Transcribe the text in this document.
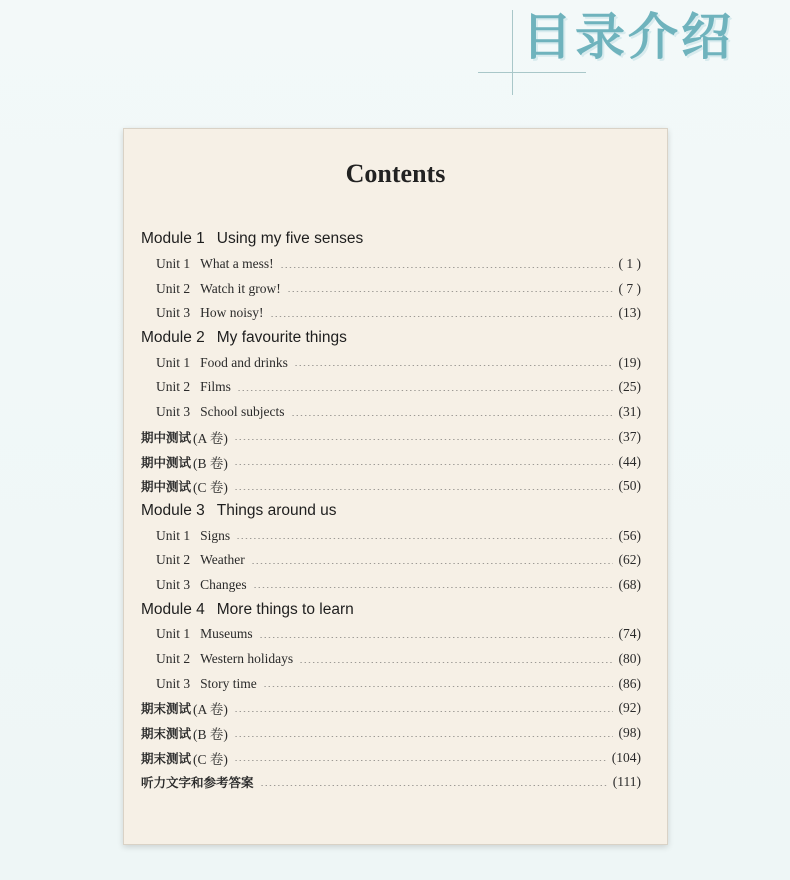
目录介绍
Contents
Module 1 Using my five senses
Unit 1 What a mess!	( 1 )
Unit 2 Watch it grow!	( 7 )
Unit 3 How noisy!	(13)
Module 2 My favourite things
Unit 1 Food and drinks	(19)
Unit 2 Films	(25)
Unit 3 School subjects	(31)
期中测试 (A 卷)	(37)
期中测试 (B 卷)	(44)
期中测试 (C 卷)	(50)
Module 3 Things around us
Unit 1 Signs	(56)
Unit 2 Weather	(62)
Unit 3 Changes	(68)
Module 4 More things to learn
Unit 1 Museums	(74)
Unit 2 Western holidays	(80)
Unit 3 Story time	(86)
期末测试 (A 卷)	(92)
期末测试 (B 卷)	(98)
期末测试 (C 卷)	(104)
听力文字和参考答案	(111)
